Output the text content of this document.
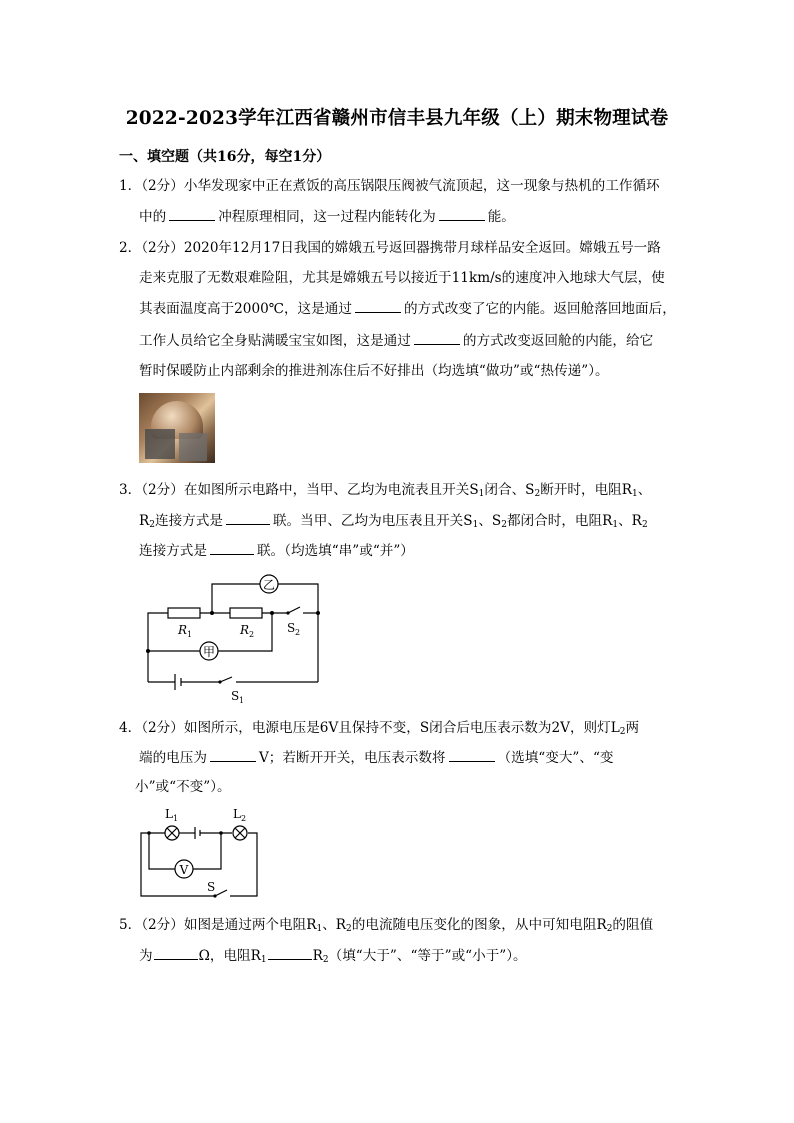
2022-2023学年江西省赣州市信丰县九年级（上）期末物理试卷
一、填空题（共16分，每空1分）
1．（2分）小华发现家中正在煮饭的高压锅限压阀被气流顶起，这一现象与热机的工作循环
中的	冲程原理相同，这一过程内能转化为	能。
2．（2分）2020年12月17日我国的嫦娥五号返回器携带月球样品安全返回。嫦娥五号一路
走来克服了无数艰难险阻，尤其是嫦娥五号以接近于11km/s的速度冲入地球大气层，使
其表面温度高于2000℃，这是通过	的方式改变了它的内能。返回舱落回地面后，
工作人员给它全身贴满暖宝宝如图，这是通过	的方式改变返回舱的内能，给它
暂时保暖防止内部剩余的推进剂冻住后不好排出（均选填“做功”或“热传递”）。
3．（2分）在如图所示电路中，当甲、乙均为电流表且开关$S_1$闭合、$S_2$断开时，电阻$R_1$、
$R_2$连接方式是	联。当甲、乙均为电压表且开关$S_1$、$S_2$都闭合时，电阻$R_1$、$R_2$
连接方式是	联。（均选填“串”或“并”）
乙
甲
R 1	R 2	S 2
S 1
4．（2分）如图所示，电源电压是6V且保持不变，S闭合后电压表示数为2V，则灯$L_2$两
端的电压为	V；若断开开关，电压表示数将	（选填“变大”、“变
小”或“不变”）。
L 1	L 2
V
S
5．（2分）如图是通过两个电阻$R_1$、$R_2$的电流随电压变化的图象，从中可知电阻$R_2$的阻值
为	Ω，电阻$R_1$	$R_2$（填“大于”、“等于”或“小于”）。
